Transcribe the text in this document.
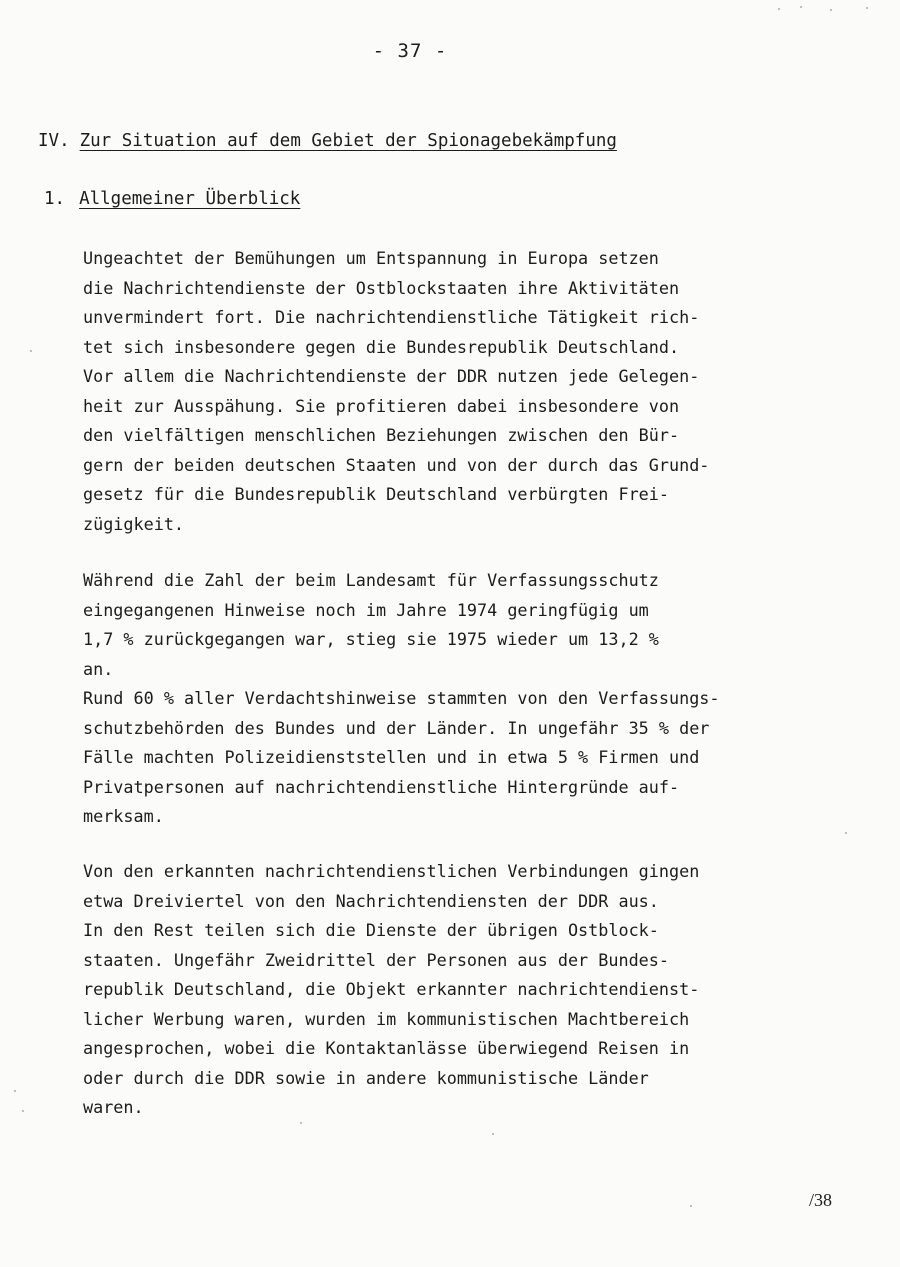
- 37 -
IV. Zur Situation auf dem Gebiet der Spionagebekämpfung
1. Allgemeiner Überblick
Ungeachtet der Bemühungen um Entspannung in Europa setzen
die Nachrichtendienste der Ostblockstaaten ihre Aktivitäten
unvermindert fort. Die nachrichtendienstliche Tätigkeit rich-
tet sich insbesondere gegen die Bundesrepublik Deutschland.
Vor allem die Nachrichtendienste der DDR nutzen jede Gelegen-
heit zur Ausspähung. Sie profitieren dabei insbesondere von
den vielfältigen menschlichen Beziehungen zwischen den Bür-
gern der beiden deutschen Staaten und von der durch das Grund-
gesetz für die Bundesrepublik Deutschland verbürgten Frei-
zügigkeit.
Während die Zahl der beim Landesamt für Verfassungsschutz
eingegangenen Hinweise noch im Jahre 1974 geringfügig um
1,7 % zurückgegangen war, stieg sie 1975 wieder um 13,2 %
an.
Rund 60 % aller Verdachtshinweise stammten von den Verfassungs-
schutzbehörden des Bundes und der Länder. In ungefähr 35 % der
Fälle machten Polizeidienststellen und in etwa 5 % Firmen und
Privatpersonen auf nachrichtendienstliche Hintergründe auf-
merksam.
Von den erkannten nachrichtendienstlichen Verbindungen gingen
etwa Dreiviertel von den Nachrichtendiensten der DDR aus.
In den Rest teilen sich die Dienste der übrigen Ostblock-
staaten. Ungefähr Zweidrittel der Personen aus der Bundes-
republik Deutschland, die Objekt erkannter nachrichtendienst-
licher Werbung waren, wurden im kommunistischen Machtbereich
angesprochen, wobei die Kontaktanlässe überwiegend Reisen in
oder durch die DDR sowie in andere kommunistische Länder
waren.
/38
